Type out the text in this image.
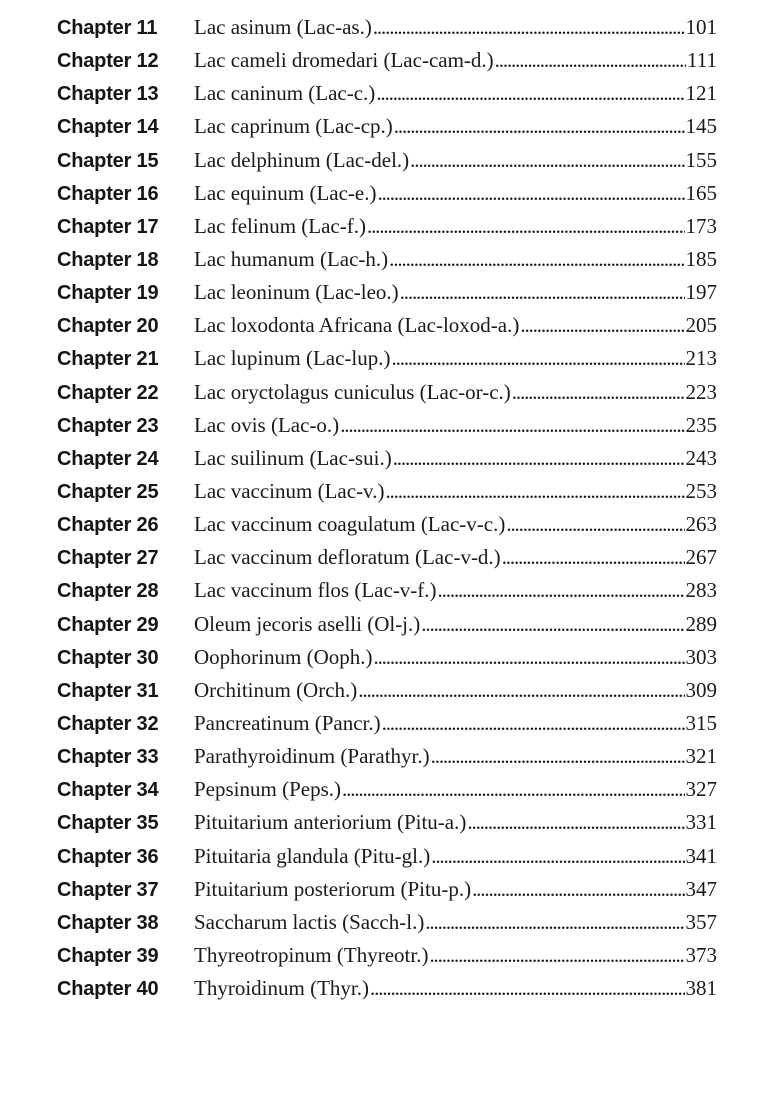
Chapter 11	Lac asinum (Lac-as.) . . .	101
Chapter 12	Lac cameli dromedari (Lac-cam-d.) . . .	111
Chapter 13	Lac caninum (Lac-c.) . . .	121
Chapter 14	Lac caprinum (Lac-cp.) . . .	145
Chapter 15	Lac delphinum (Lac-del.) . . .	155
Chapter 16	Lac equinum (Lac-e.) . . .	165
Chapter 17	Lac felinum (Lac-f.) . . .	173
Chapter 18	Lac humanum (Lac-h.) . . .	185
Chapter 19	Lac leoninum (Lac-leo.) . . .	197
Chapter 20	Lac loxodonta Africana (Lac-loxod-a.) . . .	205
Chapter 21	Lac lupinum (Lac-lup.) . . .	213
Chapter 22	Lac oryctolagus cuniculus (Lac-or-c.) . . .	223
Chapter 23	Lac ovis (Lac-o.) . . .	235
Chapter 24	Lac suilinum (Lac-sui.) . . .	243
Chapter 25	Lac vaccinum (Lac-v.) . . .	253
Chapter 26	Lac vaccinum coagulatum (Lac-v-c.) . . .	263
Chapter 27	Lac vaccinum defloratum (Lac-v-d.) . . .	267
Chapter 28	Lac vaccinum flos (Lac-v-f.) . . .	283
Chapter 29	Oleum jecoris aselli (Ol-j.) . . .	289
Chapter 30	Oophorinum (Ooph.) . . .	303
Chapter 31	Orchitinum (Orch.) . . .	309
Chapter 32	Pancreatinum (Pancr.) . . .	315
Chapter 33	Parathyroidinum (Parathyr.) . . .	321
Chapter 34	Pepsinum (Peps.) . . .	327
Chapter 35	Pituitarium anteriorium (Pitu-a.) . . .	331
Chapter 36	Pituitaria glandula (Pitu-gl.) . . .	341
Chapter 37	Pituitarium posteriorum (Pitu-p.) . . .	347
Chapter 38	Saccharum lactis (Sacch-l.) . . .	357
Chapter 39	Thyreotropinum (Thyreotr.) . . .	373
Chapter 40	Thyroidinum (Thyr.) . . .	381
